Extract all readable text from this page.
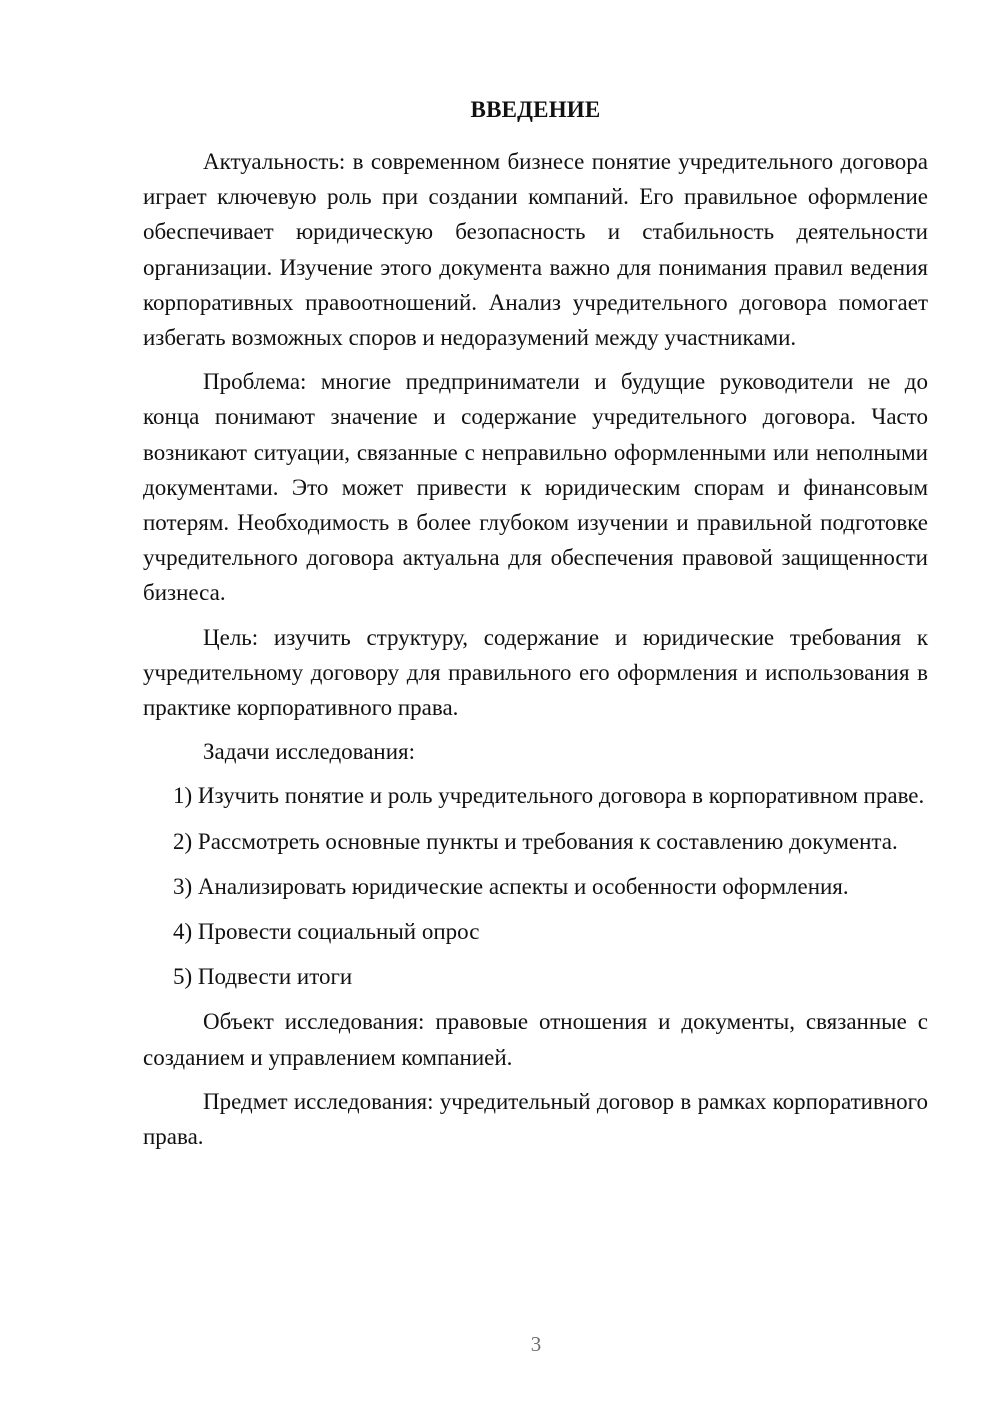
ВВЕДЕНИЕ

Актуальность: в современном бизнесе понятие учредительного договора играет ключевую роль при создании компаний. Его правильное оформление обеспечивает юридическую безопасность и стабильность деятельности организации. Изучение этого документа важно для понимания правил ведения корпоративных правоотношений. Анализ учредительного договора помогает избегать возможных споров и недоразумений между участниками.

Проблема: многие предприниматели и будущие руководители не до конца понимают значение и содержание учредительного договора. Часто возникают ситуации, связанные с неправильно оформленными или неполными документами. Это может привести к юридическим спорам и финансовым потерям. Необходимость в более глубоком изучении и правильной подготовке учредительного договора актуальна для обеспечения правовой защищенности бизнеса.

Цель: изучить структуру, содержание и юридические требования к учредительному договору для правильного его оформления и использования в практике корпоративного права.

Задачи исследования:

1) Изучить понятие и роль учредительного договора в корпоративном праве.

2) Рассмотреть основные пункты и требования к составлению документа.

3) Анализировать юридические аспекты и особенности оформления.

4) Провести социальный опрос

5) Подвести итоги

Объект исследования: правовые отношения и документы, связанные с созданием и управлением компанией.

Предмет исследования: учредительный договор в рамках корпоративного права.

3
